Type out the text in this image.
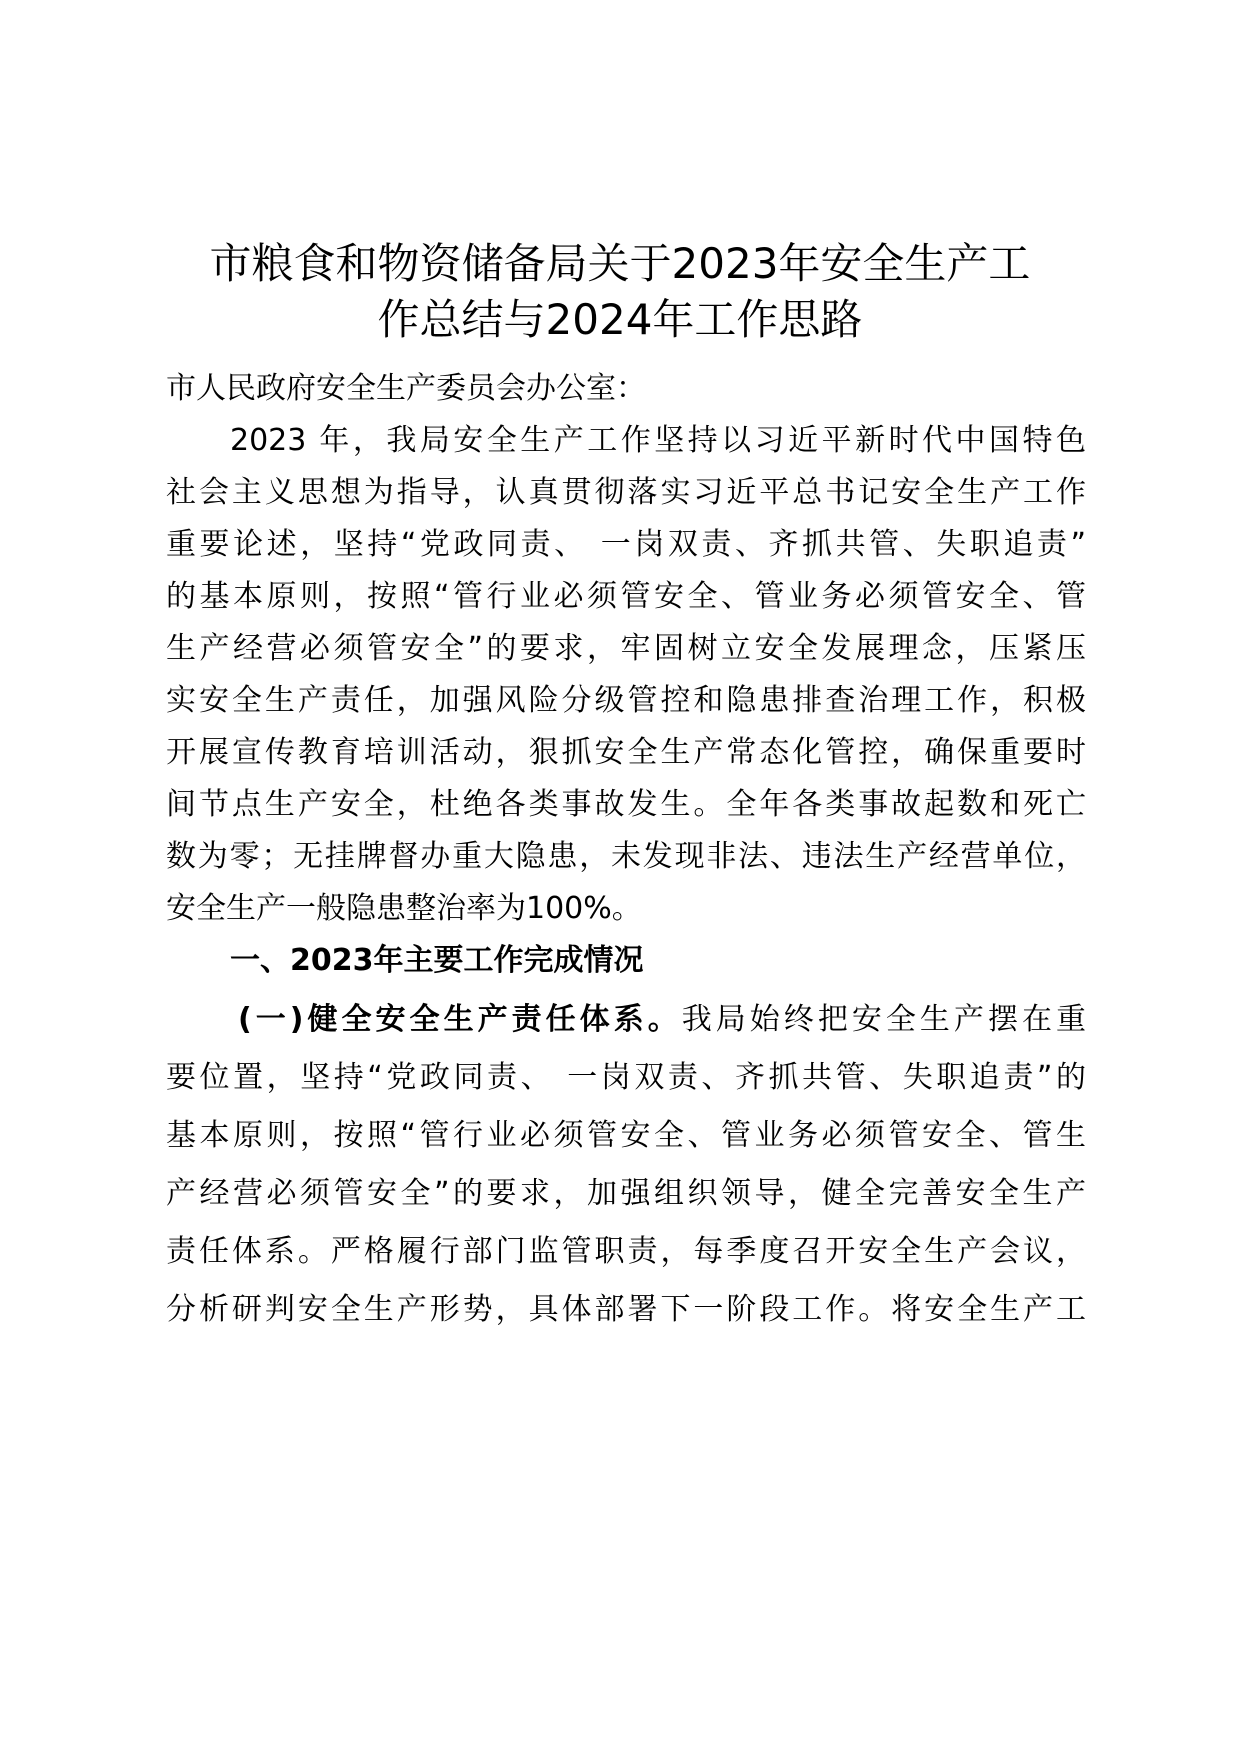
市粮食和物资储备局关于2023年安全生产工
作总结与2024年工作思路

市人民政府安全生产委员会办公室：

2023 年，我局安全生产工作坚持以习近平新时代中国特色

社会主义思想为指导，认真贯彻落实习近平总书记安全生产工作

重要论述，坚持“党政同责、 一岗双责、齐抓共管、失职追责”

的基本原则，按照“管行业必须管安全、管业务必须管安全、管

生产经营必须管安全”的要求，牢固树立安全发展理念，压紧压

实安全生产责任，加强风险分级管控和隐患排查治理工作，积极

开展宣传教育培训活动，狠抓安全生产常态化管控，确保重要时

间节点生产安全，杜绝各类事故发生。全年各类事故起数和死亡

数为零；无挂牌督办重大隐患，未发现非法、违法生产经营单位，

安全生产一般隐患整治率为100%。

一、2023年主要工作完成情况

(一)健全安全生产责任体系。我局始终把安全生产摆在重

要位置，坚持“党政同责、 一岗双责、齐抓共管、失职追责”的

基本原则，按照“管行业必须管安全、管业务必须管安全、管生

产经营必须管安全”的要求，加强组织领导，健全完善安全生产

责任体系。严格履行部门监管职责，每季度召开安全生产会议，

分析研判安全生产形势，具体部署下一阶段工作。将安全生产工
